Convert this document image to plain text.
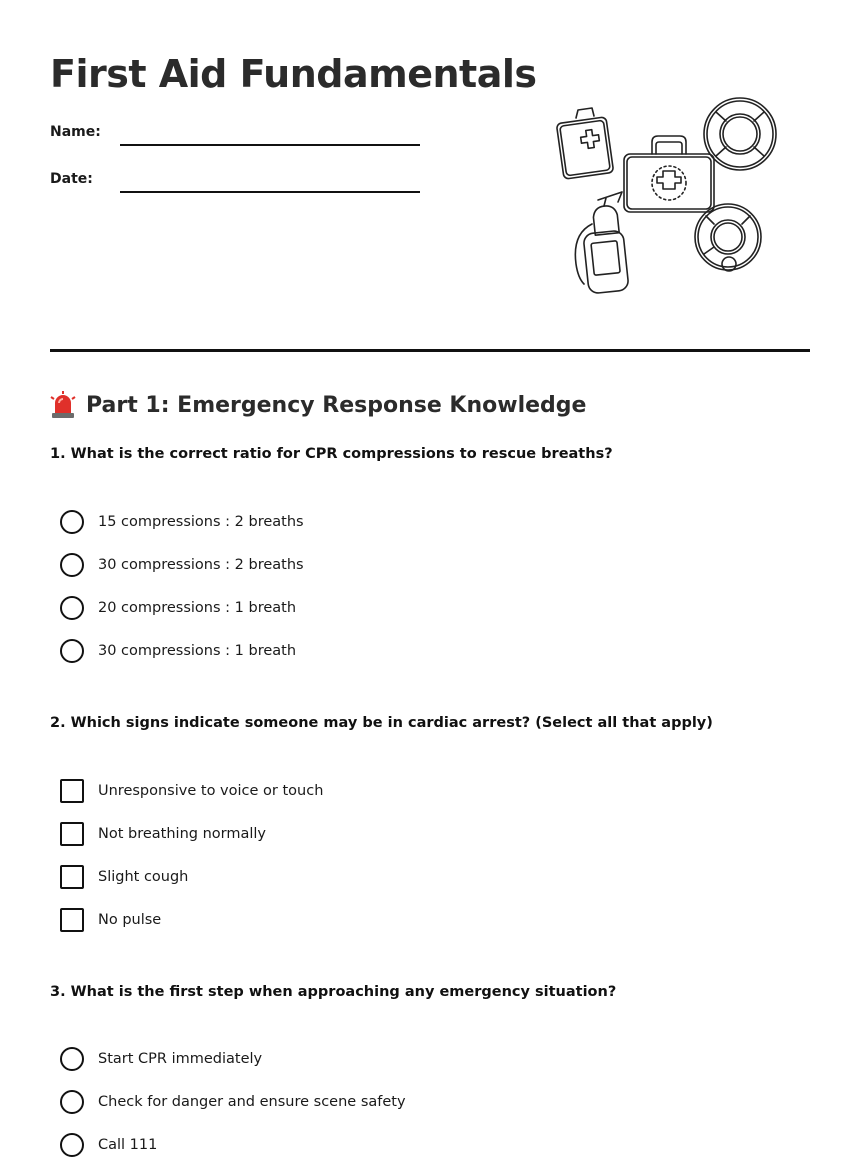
First Aid Fundamentals
Name:
Date:
Part 1: Emergency Response Knowledge
1. What is the correct ratio for CPR compressions to rescue breaths?
15 compressions : 2 breaths
30 compressions : 2 breaths
20 compressions : 1 breath
30 compressions : 1 breath
2. Which signs indicate someone may be in cardiac arrest? (Select all that apply)
Unresponsive to voice or touch
Not breathing normally
Slight cough
No pulse
3. What is the first step when approaching any emergency situation?
Start CPR immediately
Check for danger and ensure scene safety
Call 111
